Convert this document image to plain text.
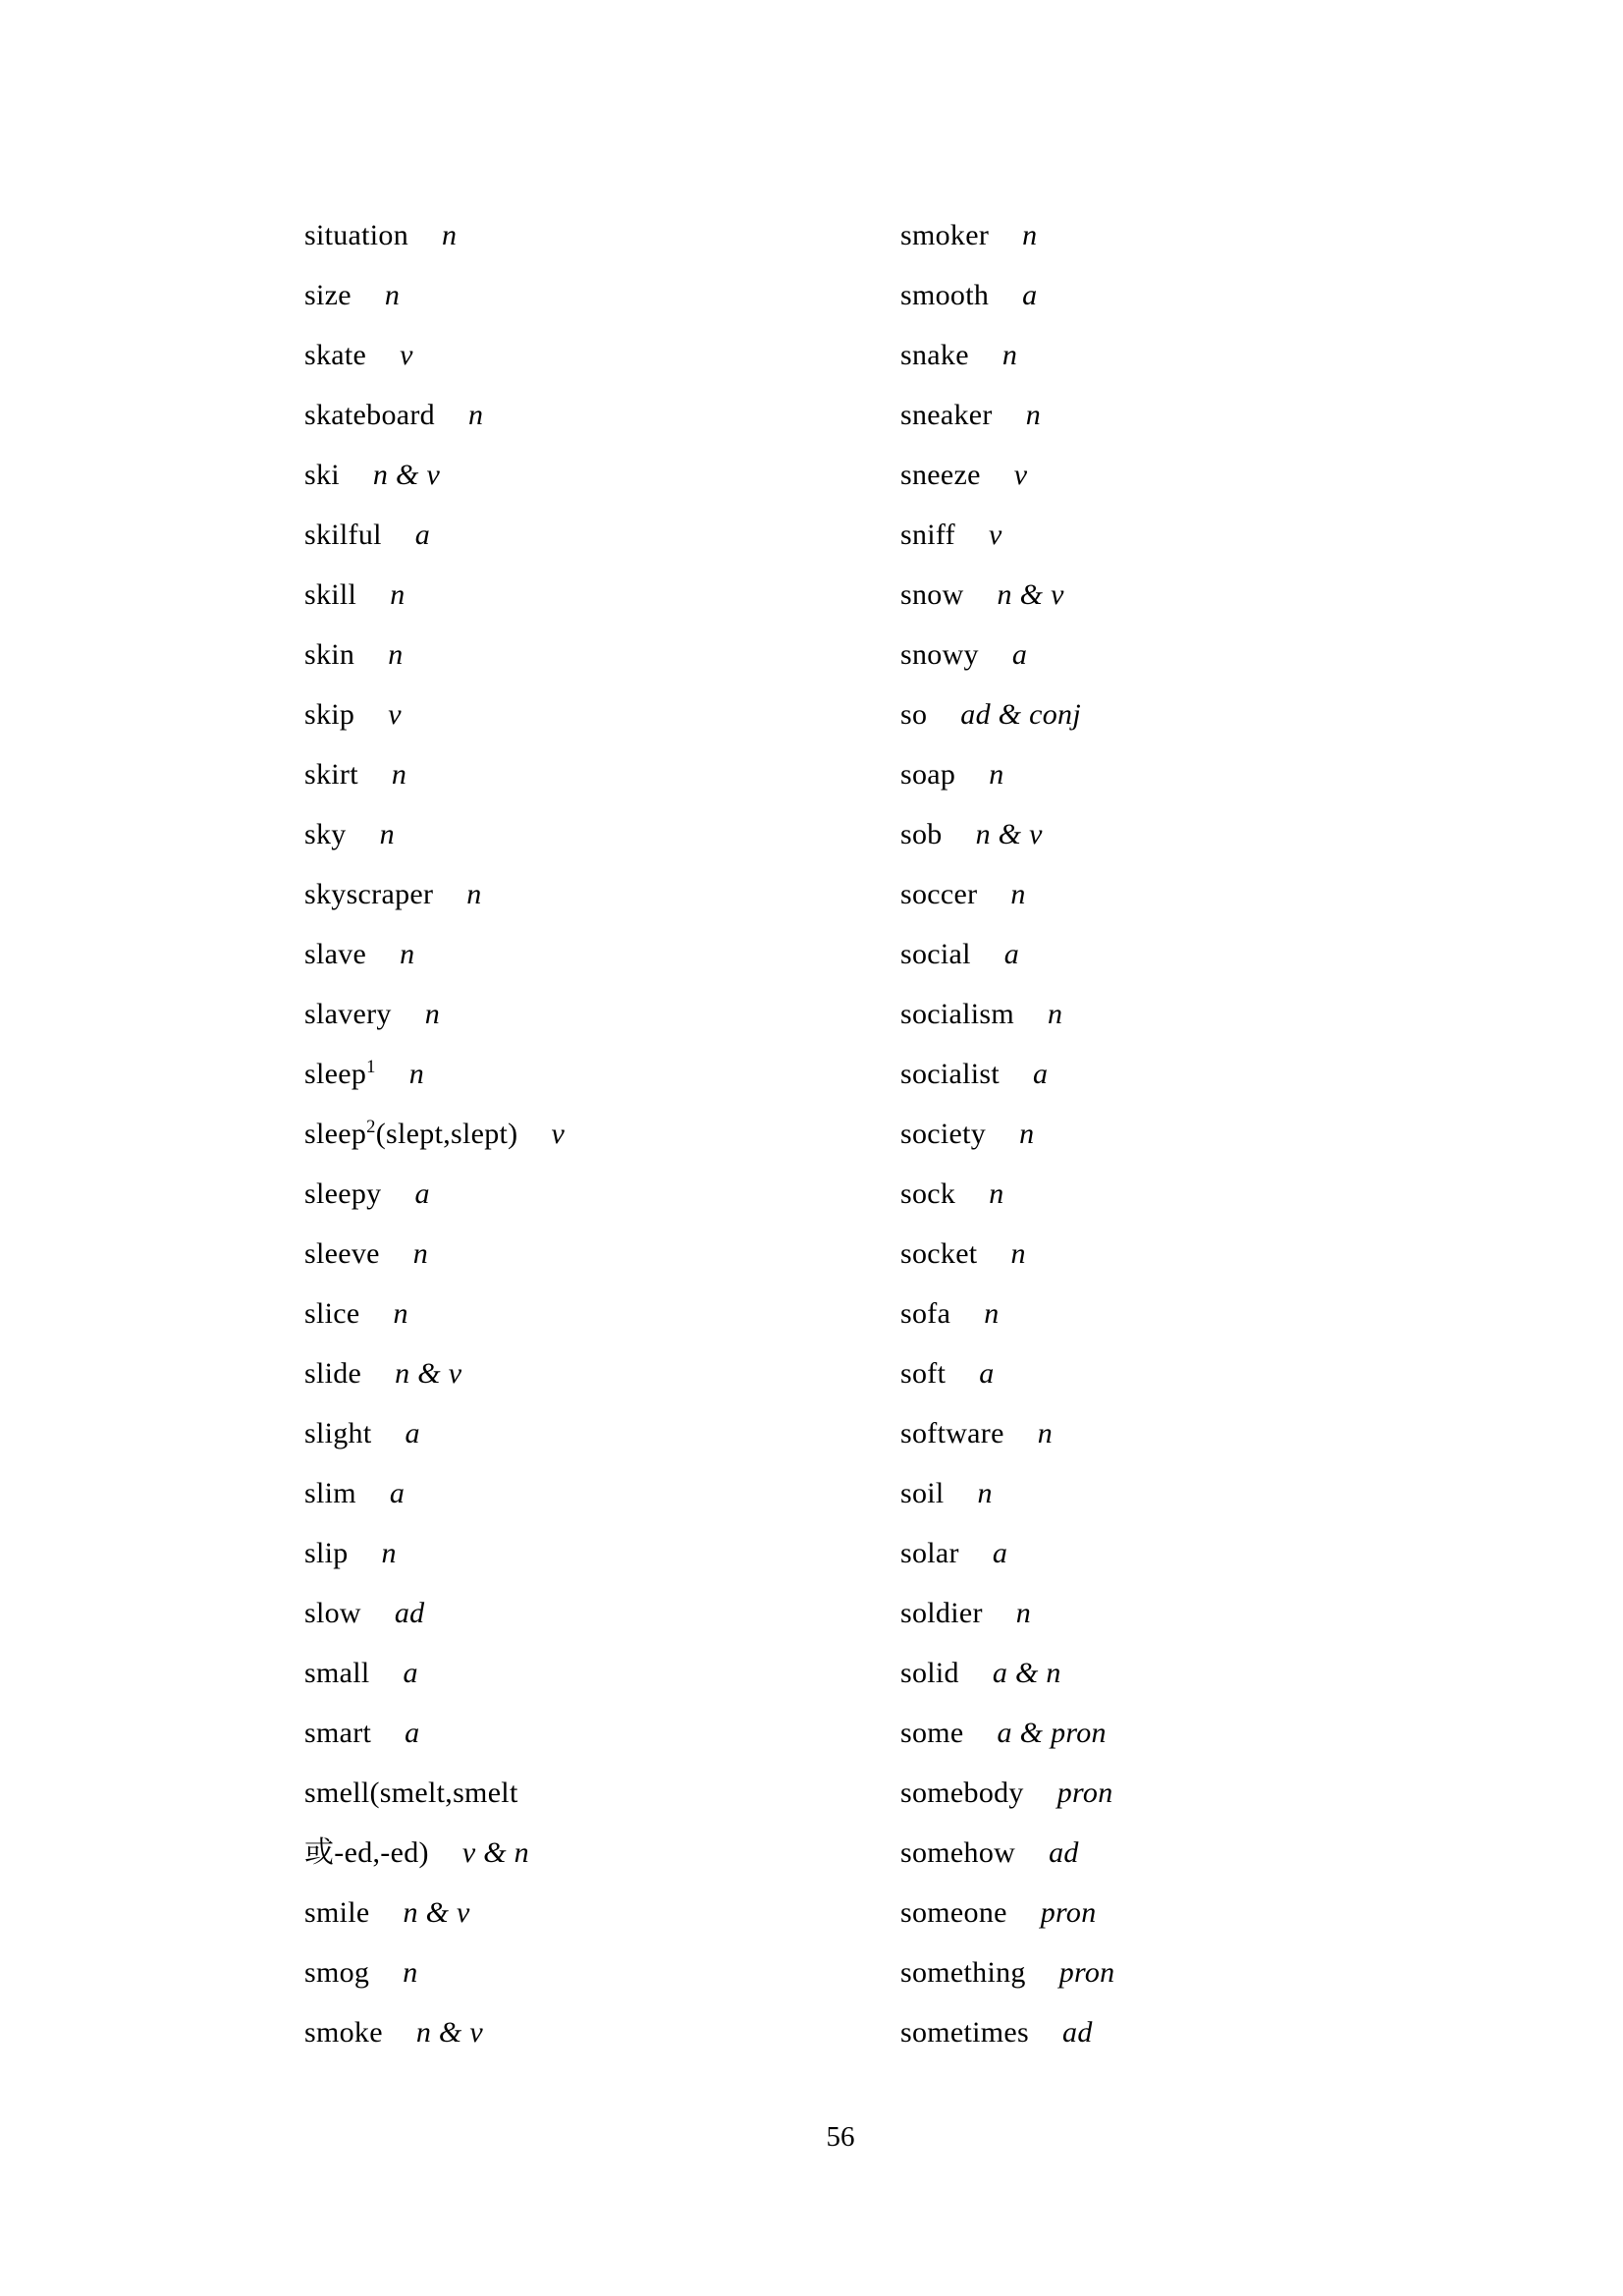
situation n
size n
skate v
skateboard n
ski n & v
skilful a
skill n
skin n
skip v
skirt n
sky n
skyscraper n
slave n
slavery n
sleep$^1$ n
sleep$^2$(slept,slept) v
sleepy a
sleeve n
slice n
slide n & v
slight a
slim a
slip n
slow ad
small a
smart a
smell(smelt,smelt
或-ed,-ed) v & n
smile n & v
smog n
smoke n & v
smoker n
smooth a
snake n
sneaker n
sneeze v
sniff v
snow n & v
snowy a
so ad & conj
soap n
sob n & v
soccer n
social a
socialism n
socialist a
society n
sock n
socket n
sofa n
soft a
software n
soil n
solar a
soldier n
solid a & n
some a & pron
somebody pron
somehow ad
someone pron
something pron
sometimes ad
56
